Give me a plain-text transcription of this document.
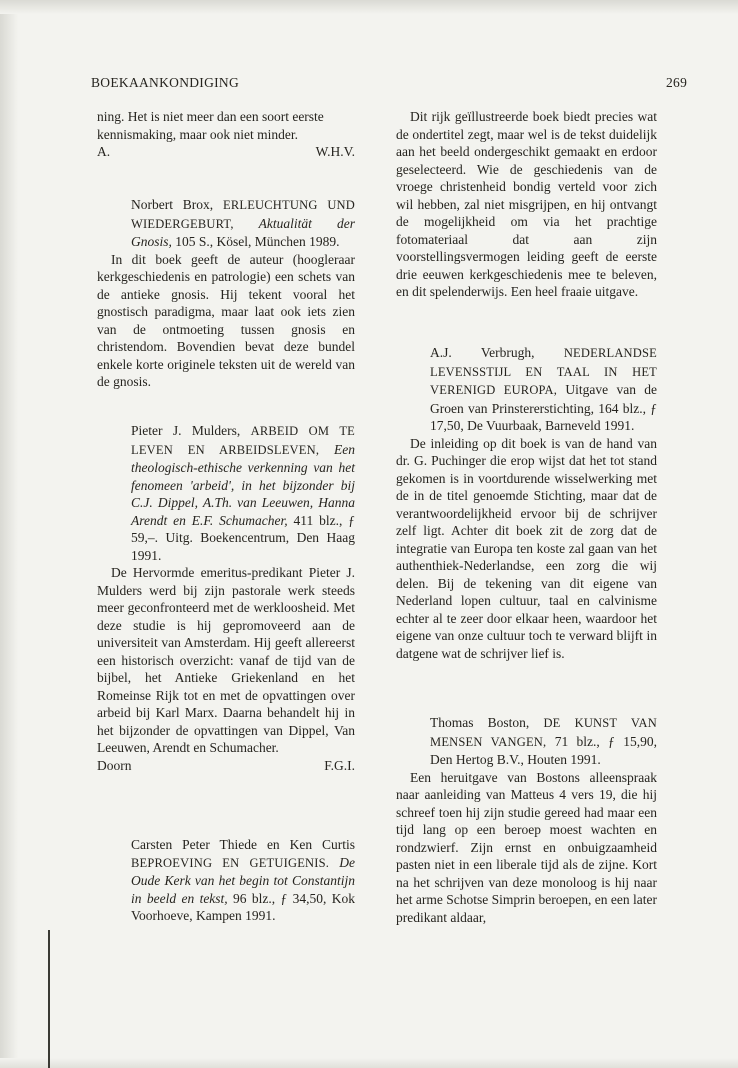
BOEKAANKONDIGING	269

ning. Het is niet meer dan een soort eerste

kennismaking, maar ook niet minder.

A.	W.H.V.

Norbert Brox, ERLEUCHTUNG UND WIEDERGEBURT, Aktualität der Gnosis, 105 S., Kösel, München 1989.

In dit boek geeft de auteur (hoogleraar kerkgeschiedenis en patrologie) een schets van de antieke gnosis. Hij tekent vooral het gnostisch paradigma, maar laat ook iets zien van de ontmoeting tussen gnosis en christendom. Bovendien bevat deze bundel enkele korte originele teksten uit de wereld van de gnosis.

Pieter J. Mulders, ARBEID OM TE LEVEN EN ARBEIDSLEVEN, Een theologisch-ethische verkenning van het fenomeen 'arbeid', in het bijzonder bij C.J. Dippel, A.Th. van Leeuwen, Hanna Arendt en E.F. Schumacher, 411 blz., ƒ 59,–. Uitg. Boekencentrum, Den Haag 1991.

De Hervormde emeritus-predikant Pieter J. Mulders werd bij zijn pastorale werk steeds meer geconfronteerd met de werkloosheid. Met deze studie is hij gepromoveerd aan de universiteit van Amsterdam. Hij geeft allereerst een historisch overzicht: vanaf de tijd van de bijbel, het Antieke Griekenland en het Romeinse Rijk tot en met de opvattingen over arbeid bij Karl Marx. Daarna behandelt hij in het bijzonder de opvattingen van Dippel, Van Leeuwen, Arendt en Schumacher.

Doorn	F.G.I.

Carsten Peter Thiede en Ken Curtis BEPROEVING EN GETUIGENIS. De Oude Kerk van het begin tot Constantijn in beeld en tekst, 96 blz., ƒ 34,50, Kok Voorhoeve, Kampen 1991.

Dit rijk geïllustreerde boek biedt precies wat de ondertitel zegt, maar wel is de tekst duidelijk aan het beeld ondergeschikt gemaakt en erdoor geselecteerd. Wie de geschiedenis van de vroege christenheid bondig verteld voor zich wil hebben, zal niet misgrijpen, en hij ontvangt de mogelijkheid om via het prachtige fotomateriaal dat aan zijn voorstellingsvermogen leiding geeft de eerste drie eeuwen kerkgeschiedenis mee te beleven, en dit spelenderwijs. Een heel fraaie uitgave.

A.J. Verbrugh, NEDERLANDSE LEVENSSTIJL EN TAAL IN HET VERENIGD EUROPA, Uitgave van de Groen van Prinstererstichting, 164 blz., ƒ 17,50, De Vuurbaak, Barneveld 1991.

De inleiding op dit boek is van de hand van dr. G. Puchinger die erop wijst dat het tot stand gekomen is in voortdurende wisselwerking met de in de titel genoemde Stichting, maar dat de verantwoordelijkheid ervoor bij de schrijver zelf ligt. Achter dit boek zit de zorg dat de integratie van Europa ten koste zal gaan van het authenthiek-Nederlandse, een zorg die wij delen. Bij de tekening van dit eigene van Nederland lopen cultuur, taal en calvinisme echter al te zeer door elkaar heen, waardoor het eigene van onze cultuur toch te verward blijft in datgene wat de schrijver lief is.

Thomas Boston, DE KUNST VAN MENSEN VANGEN, 71 blz., ƒ 15,90, Den Hertog B.V., Houten 1991.

Een heruitgave van Bostons alleenspraak naar aanleiding van Matteus 4 vers 19, die hij schreef toen hij zijn studie gereed had maar een tijd lang op een beroep moest wachten en rondzwierf. Zijn ernst en onbuigzaamheid pasten niet in een liberale tijd als de zijne. Kort na het schrijven van deze monoloog is hij naar het arme Schotse Simprin beroepen, en een later predikant aldaar,
